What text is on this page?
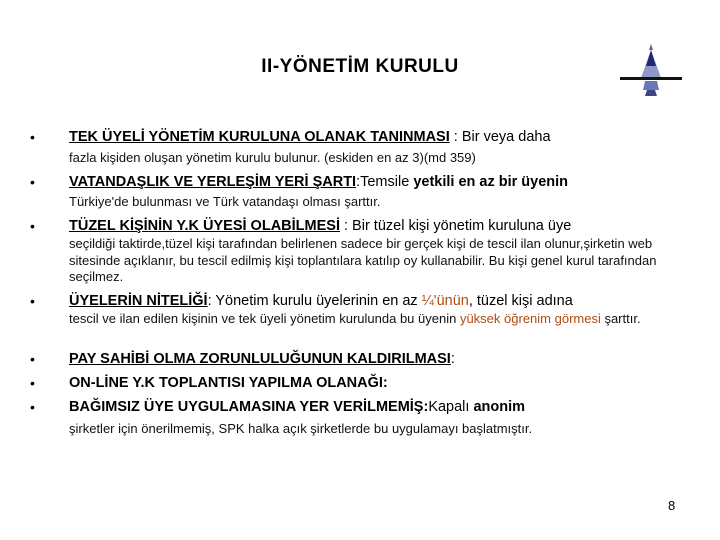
II-YÖNETİM KURULU
• TEK ÜYELİ YÖNETİM KURULUNA OLANAK TANINMASI : Bir veya daha
fazla kişiden oluşan yönetim kurulu bulunur. (eskiden en az 3)(md 359)
• VATANDAŞLIK VE YERLEŞİM YERİ ŞARTI:Temsile yetkili en az bir üyenin
Türkiye'de bulunması ve Türk vatandaşı olması şarttır.
• TÜZEL KİŞİNİN Y.K ÜYESİ OLABİLMESİ : Bir tüzel kişi yönetim kuruluna üye
seçildiği taktirde,tüzel kişi tarafından belirlenen sadece bir gerçek kişi de tescil ilan olunur,şirketin web sitesinde açıklanır, bu tescil edilmiş kişi toplantılara katılıp oy kullanabilir. Bu kişi genel kurul tarafından seçilmez.
• ÜYELERİN NİTELİĞİ: Yönetim kurulu üyelerinin en az ¼'ünün, tüzel kişi adına
tescil ve ilan edilen kişinin ve tek üyeli yönetim kurulunda bu üyenin yüksek öğrenim görmesi şarttır.
• PAY SAHİBİ OLMA ZORUNLULUĞUNUN KALDIRILMASI:
• ON-LİNE Y.K TOPLANTISI YAPILMA OLANAĞI:
• BAĞIMSIZ ÜYE UYGULAMASINA YER VERİLMEMİŞ:Kapalı anonim
şirketler için önerilmemiş, SPK halka açık şirketlerde bu uygulamayı başlatmıştır.
8
